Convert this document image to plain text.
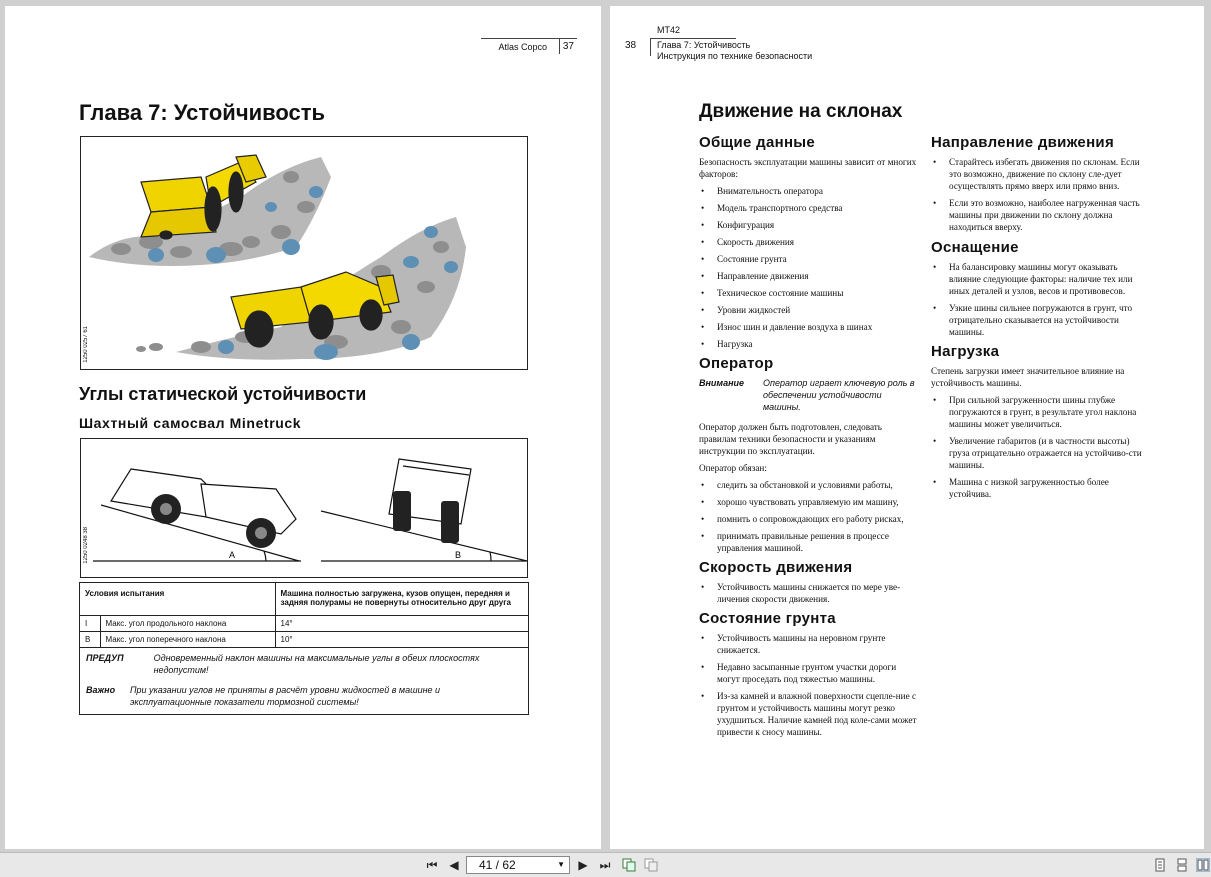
Atlas Copco 37
Глава 7: Устойчивость
1250 0257 61
Углы статической устойчивости
Шахтный самосвал Minetruck
A	B
1250 0248 38
Условия испытания		Машина полностью загружена, кузов опущен, передняя и задняя полурамы не повернуты относительно друг друга
I	Макс. угол продольного наклона	14°
B	Макс. угол поперечного наклона	10°
ПРЕДУП	Одновременный наклон машины на максимальные углы в обеих плоскостях недопустим!
Важно	При указании углов не приняты в расчёт уровни жидкостей в машине и эксплуатационные показатели тормозной системы!
MT42
38 Глава 7: Устойчивость
Инструкция по технике безопасности
Движение на склонах
Общие данные

Безопасность эксплуатации машины зависит от многих факторов:

• Внимательность оператора
• Модель транспортного средства
• Конфигурация
• Скорость движения
• Состояние грунта
• Направление движения
• Техническое состояние машины
• Уровни жидкостей
• Износ шин и давление воздуха в шинах
• Нагрузка
Оператор
Внимание	Оператор играет ключевую роль в обеспечении устойчивости машины.

Оператор должен быть подготовлен, следовать правилам техники безопасности и указаниям инструкции по эксплуатации.

Оператор обязан:

• следить за обстановкой и условиями работы,
• хорошо чувствовать управляемую им машину,
• помнить о сопровождающих его работу рисках,
• принимать правильные решения в процессе управления машиной.
Скорость движения
• Устойчивость машины снижается по мере уве-личения скорости движения.
Состояние грунта
• Устойчивость машины на неровном грунте снижается.
• Недавно засыпанные грунтом участки дороги могут проседать под тяжестью машины.
• Из-за камней и влажной поверхности сцепле-ние с грунтом и устойчивость машины могут резко ухудшиться. Наличие камней под коле-сами может привести к сносу машины.
Направление движения
• Старайтесь избегать движения по склонам. Если это возможно, движение по склону сле-дует осуществлять прямо вверх или прямо вниз.
• Если это возможно, наиболее нагруженная часть машины при движении по склону должна находиться вверху.
Оснащение
• На балансировку машины могут оказывать влияние следующие факторы: наличие тех или иных деталей и узлов, весов и противовесов.
• Узкие шины сильнее погружаются в грунт, что отрицательно сказывается на устойчивости машины.
Нагрузка

Степень загрузки имеет значительное влияние на устойчивость машины.

• При сильной загруженности шины глубже погружаются в грунт, в результате угол наклона машины может увеличиться.
• Увеличение габаритов (и в частности высоты) груза отрицательно отражается на устойчиво-сти машины.
• Машина с низкой загруженностью более устойчива.
⏮ ◀	41 / 62	▼ ▶ ⏭
